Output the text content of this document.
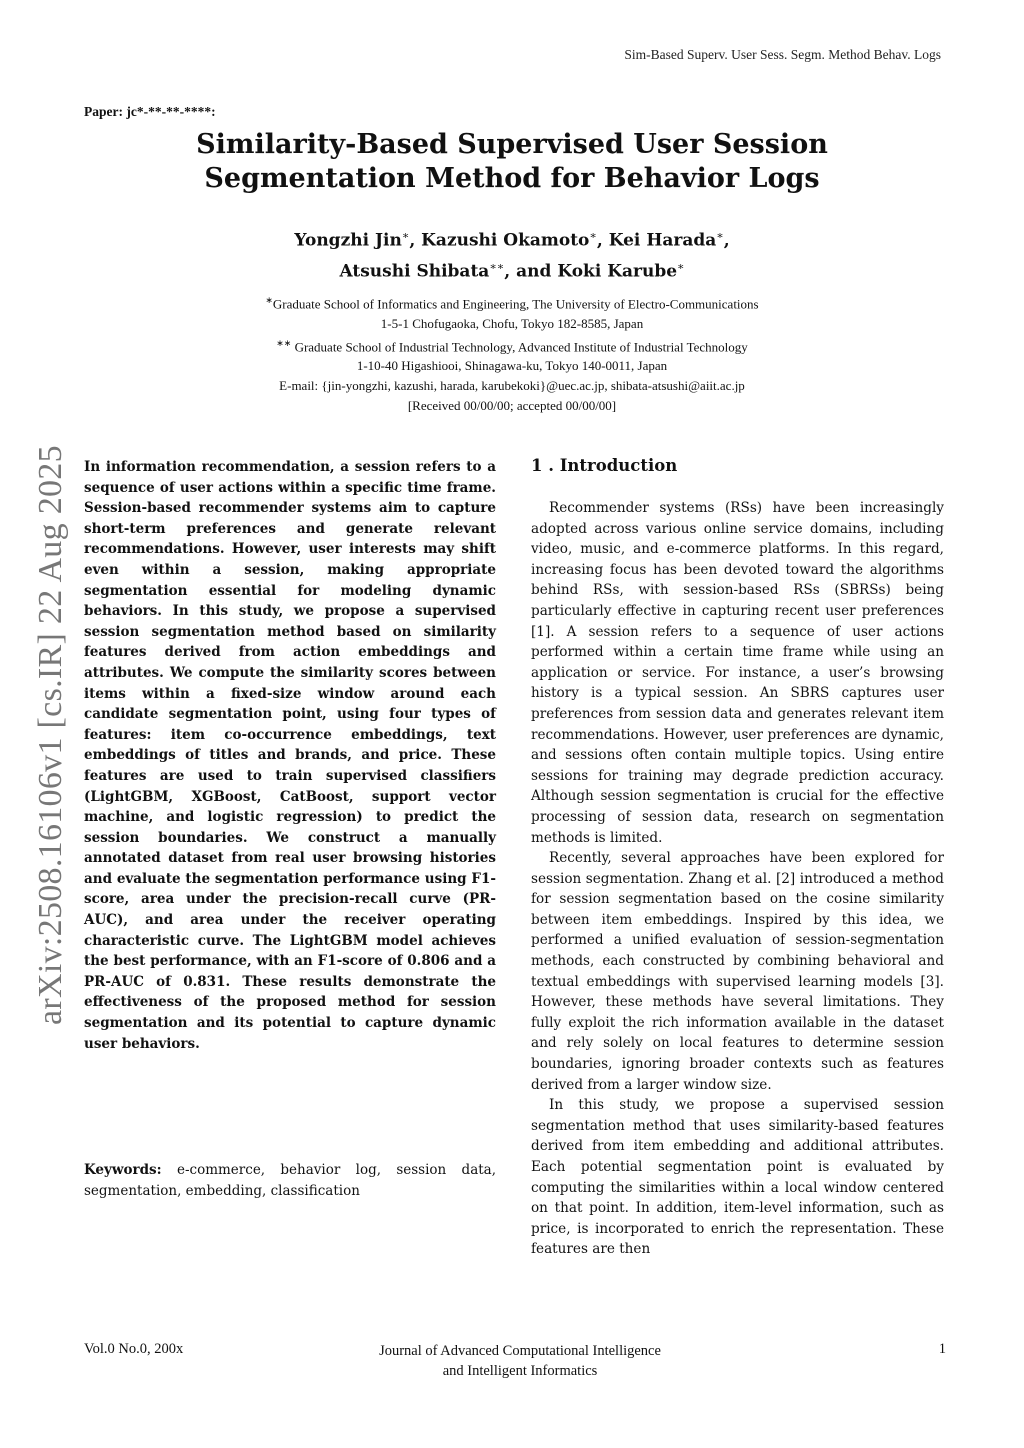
Sim-Based Superv. User Sess. Segm. Method Behav. Logs
Paper: jc*-**-**-****:
Similarity-Based Supervised User Session
Segmentation Method for Behavior Logs
Yongzhi Jin∗, Kazushi Okamoto∗, Kei Harada∗,
Atsushi Shibata∗∗, and Koki Karube∗
∗Graduate School of Informatics and Engineering, The University of Electro-Communications
1-5-1 Chofugaoka, Chofu, Tokyo 182-8585, Japan
∗∗ Graduate School of Industrial Technology, Advanced Institute of Industrial Technology
1-10-40 Higashiooi, Shinagawa-ku, Tokyo 140-0011, Japan
E-mail: {jin-yongzhi, kazushi, harada, karubekoki}@uec.ac.jp, shibata-atsushi@aiit.ac.jp
[Received 00/00/00; accepted 00/00/00]
arXiv:2508.16106v1 [cs.IR] 22 Aug 2025 In information recommendation, a session refers to a sequence of user actions within a specific time frame. Session-based recommender systems aim to capture short-term preferences and generate relevant recommendations. However, user interests may shift even within a session, making appropriate segmentation essential for modeling dynamic behaviors. In this study, we propose a supervised session segmentation method based on similarity features derived from action embeddings and attributes. We compute the similarity scores between items within a fixed-size window around each candidate segmentation point, using four types of features: item co-occurrence embeddings, text embeddings of titles and brands, and price. These features are used to train supervised classifiers (LightGBM, XGBoost, CatBoost, support vector machine, and logistic regression) to predict the session boundaries. We construct a manually annotated dataset from real user browsing histories and evaluate the segmentation performance using F1-score, area under the precision-recall curve (PR-AUC), and area under the receiver operating characteristic curve. The LightGBM model achieves the best performance, with an F1-score of 0.806 and a PR-AUC of 0.831. These results demonstrate the effectiveness of the proposed method for session segmentation and its potential to capture dynamic user behaviors.

Keywords: e-commerce, behavior log, session data, segmentation, embedding, classification

1 . Introduction

Recommender systems (RSs) have been increasingly adopted across various online service domains, including video, music, and e-commerce platforms. In this regard, increasing focus has been devoted toward the algorithms behind RSs, with session-based RSs (SBRSs) being particularly effective in capturing recent user preferences [1]. A session refers to a sequence of user actions performed within a certain time frame while using an application or service. For instance, a user’s browsing history is a typical session. An SBRS captures user preferences from session data and generates relevant item recommendations. However, user preferences are dynamic, and sessions often contain multiple topics. Using entire sessions for training may degrade prediction accuracy. Although session segmentation is crucial for the effective processing of session data, research on segmentation methods is limited.

Recently, several approaches have been explored for session segmentation. Zhang et al. [2] introduced a method for session segmentation based on the cosine similarity between item embeddings. Inspired by this idea, we performed a unified evaluation of session-segmentation methods, each constructed by combining behavioral and textual embeddings with supervised learning models [3]. However, these methods have several limitations. They fully exploit the rich information available in the dataset and rely solely on local features to determine session boundaries, ignoring broader contexts such as features derived from a larger window size.

In this study, we propose a supervised session segmentation method that uses similarity-based features derived from item embedding and additional attributes. Each potential segmentation point is evaluated by computing the similarities within a local window centered on that point. In addition, item-level information, such as price, is incorporated to enrich the representation. These features are then

Vol.0 No.0, 200x	Journal of Advanced Computational Intelligence
and Intelligent Informatics
1
